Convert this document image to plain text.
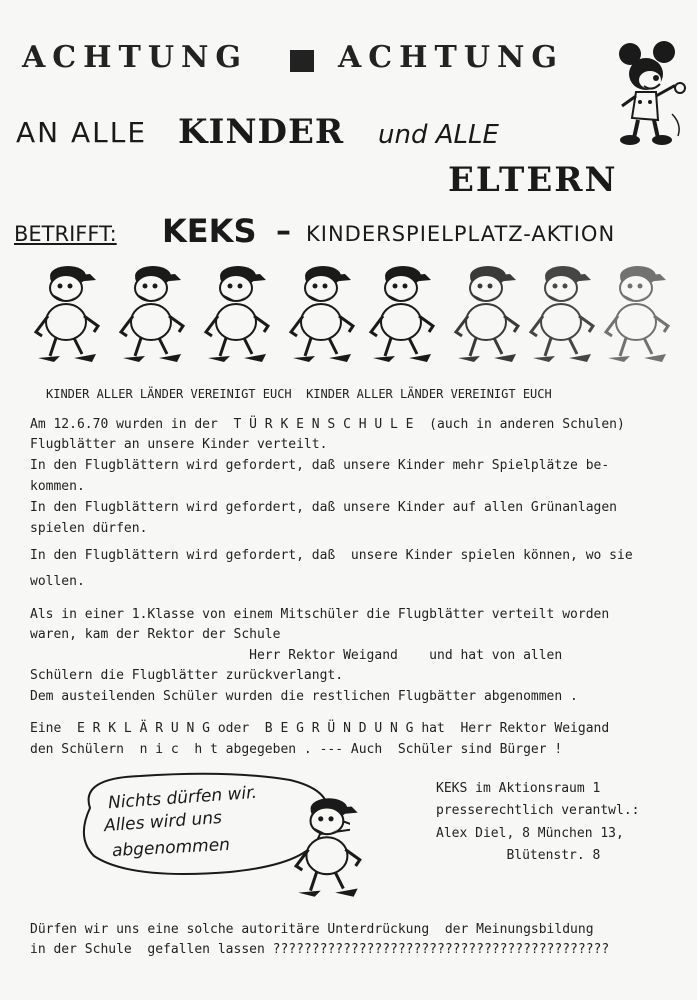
ACHTUNG	ACHTUNG
AN ALLE KINDER und ALLE
ELTERN
BETRIFFT: KEKS – KINDERSPIELPLATZ-AKTION
KINDER ALLER LÄNDER VEREINIGT EUCH  KINDER ALLER LÄNDER VEREINIGT EUCH
Am 12.6.70 wurden in der  T Ü R K E N S C H U L E  (auch in anderen Schulen)
Flugblätter an unsere Kinder verteilt.
In den Flugblättern wird gefordert, daß unsere Kinder mehr Spielplätze be-
kommen.
In den Flugblättern wird gefordert, daß unsere Kinder auf allen Grünanlagen
spielen dürfen.
In den Flugblättern wird gefordert, daß  unsere Kinder spielen können, wo sie
wollen.
Als in einer 1.Klasse von einem Mitschüler die Flugblätter verteilt worden
waren, kam der Rektor der Schule
Herr Rektor Weigand    und hat von allen
Schülern die Flugblätter zurückverlangt.
Dem austeilenden Schüler wurden die restlichen Flugbätter abgenommen .
Eine  E R K L Ä R U N G oder  B E G R Ü N D U N G hat  Herr Rektor Weigand
den Schülern  n i c  h t abgegeben . --- Auch  Schüler sind Bürger !
Nichts dürfen wir.
Alles wird uns
abgenommen
KEKS im Aktionsraum 1
presserechtlich verantwl.:
Alex Diel, 8 München 13,
Blütenstr. 8
Dürfen wir uns eine solche autoritäre Unterdrückung  der Meinungsbildung
in der Schule  gefallen lassen ???????????????????????????????????????????
